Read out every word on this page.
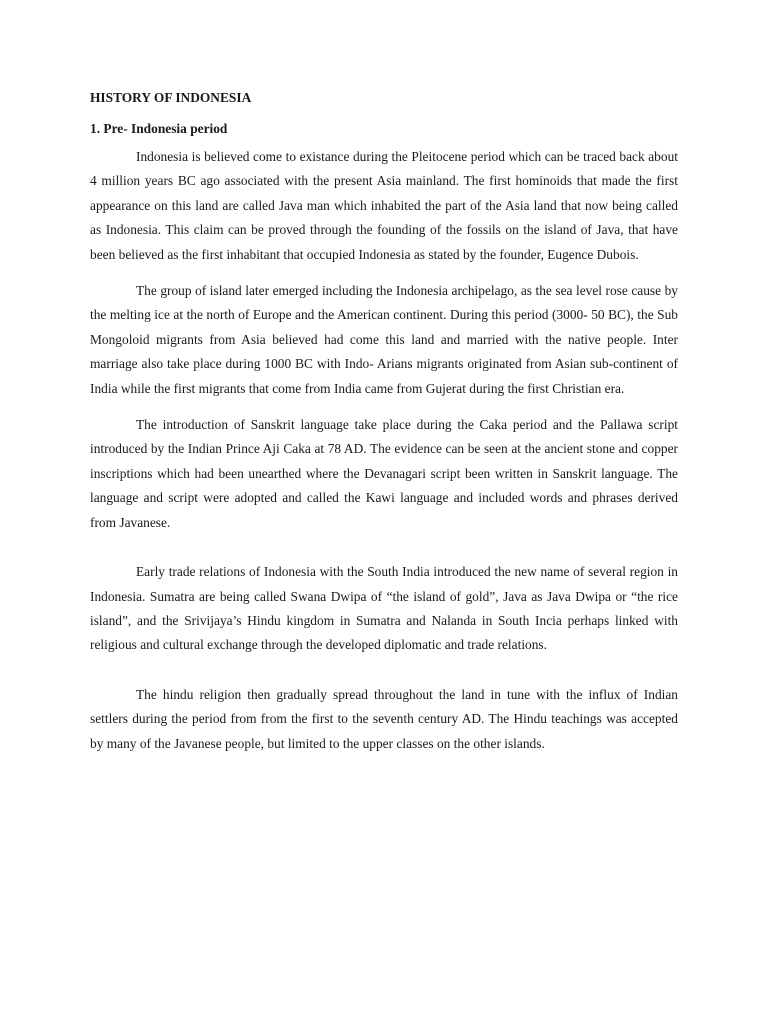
HISTORY OF INDONESIA
1. Pre- Indonesia period

Indonesia is believed come to existance during the Pleitocene period which can be traced back about 4 million years BC ago associated with the present Asia mainland. The first hominoids that made the first appearance on this land are called Java man which inhabited the part of the Asia land that now being called as Indonesia. This claim can be proved through the founding of the fossils on the island of Java, that have been believed as the first inhabitant that occupied Indonesia as stated by the founder, Eugence Dubois.

The group of island later emerged including the Indonesia archipelago, as the sea level rose cause by the melting ice at the north of Europe and the American continent. During this period (3000- 50 BC), the Sub Mongoloid migrants from Asia believed had come this land and married with the native people. Inter marriage also take place during 1000 BC with Indo- Arians migrants originated from Asian sub-continent of India while the first migrants that come from India came from Gujerat during the first Christian era.

The introduction of Sanskrit language take place during the Caka period and the Pallawa script introduced by the Indian Prince Aji Caka at 78 AD. The evidence can be seen at the ancient stone and copper inscriptions which had been unearthed where the Devanagari script been written in Sanskrit language. The language and script were adopted and called the Kawi language and included words and phrases derived from Javanese.

Early trade relations of Indonesia with the South India introduced the new name of several region in Indonesia. Sumatra are being called Swana Dwipa of “the island of gold”, Java as Java Dwipa or “the rice island”, and the Srivijaya’s Hindu kingdom in Sumatra and Nalanda in South Incia perhaps linked with religious and cultural exchange through the developed diplomatic and trade relations.

The hindu religion then gradually spread throughout the land in tune with the influx of Indian settlers during the period from from the first to the seventh century AD. The Hindu teachings was accepted by many of the Javanese people, but limited to the upper classes on the other islands.
